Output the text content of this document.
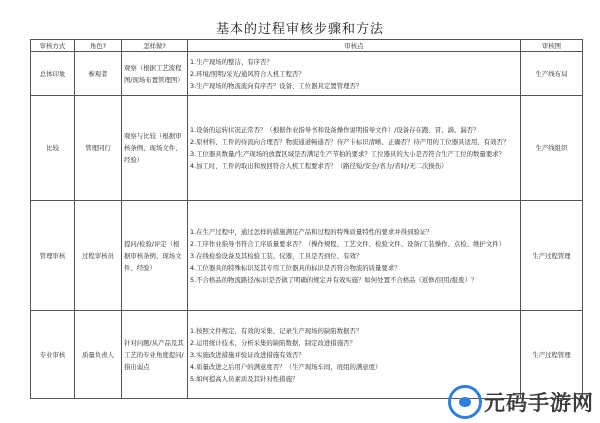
基本的过程审核步骤和方法
审核方式	角色?	怎样做?	审核点	审核图
总体印象	参观者	观察（根据工艺流程图/现场布置管理图）	1.生产现场的整洁、有序否？
2.环境/照明/采光/通风符合人机工程否？
3.生产现场的物流流向有序否？设备、工位器具定置管理否？	生产线布局
比较	管理同行	观察与比较（根据审核条例、现场文件、经验）	1.设备的运转状况正常否？（根据作业指导书和设备操作说明指导文件）/设备存在跑、冒、滴、漏否？
2.原材料、工件的待流向合理否？物流通道畅通否？待产卡标识清晰、正确否？待产用的工位器具适用、有效否？
3.工位器具数量/生产现场的放置区域是否满足生产节拍的要求？工位器具的大小是否符合生产工位的数量要求？
4.加工时，工件的取出和放回符合人机工程要求否？（路径短/安全/省力/省时/无二次损伤）	生产线组织
管理审核	过程审核员	提问/检验/评定（根据审核条例、现场文件、经验）	1.在生产过程中，通过怎样的措施满足产品和过程的特殊质量特性的要求并得到验证？
2.工序作业指导书符合工序质量要求否？（操作规程、工艺文件、检验文件、设备/工装操作、点检、维护文件）
3.在线检验设备及其检验工装、仪器，工具是否到位、有效？
4.工位器具的特殊标识及其专用工位器具的标识是否符合物流的质量要求？
5.不合格品的物流路径/标识是否做了明确的规定并有效实施？如何处置不合格品（返修/回用/报废）？	生产过程管理
专业审核	质量负责人	针对问题/从产品及其工艺的专业角度提问/指出弱点	1.按照文件规定，有效的采集、记录生产现场的缺陷数据否？
2.运用统计技术，分析采集的缺陷数据，制定改进措施否？
3.实施改进措施并验证改进措施有效否？
4.质量改进之后用户的满意度否？（生产现场车间，班组的满意度）
5.如何提高人员素质及其针对性措施？	生产过程管理
元码手游网
